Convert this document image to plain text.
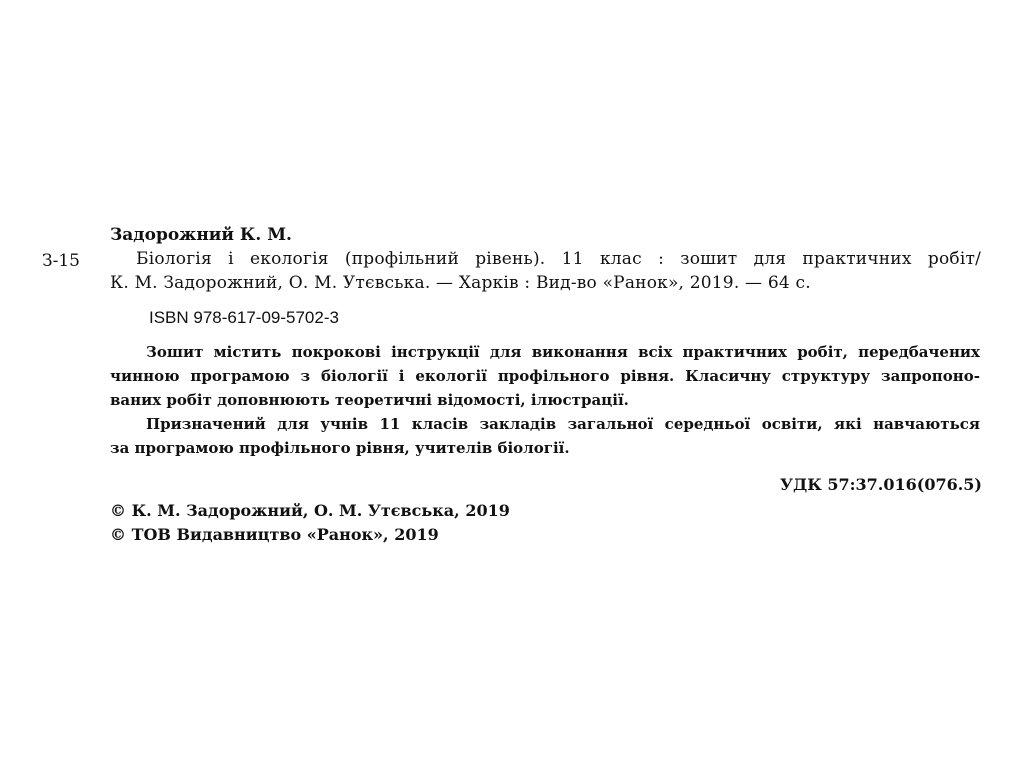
Задорожний К. М.
З-15	Біологія і екологія (профільний рівень). 11 клас : зошит для практичних робіт/
К. М. Задорожний, О. М. Утєвська. — Харків : Вид-во «Ранок», 2019. — 64 с.
ISBN 978-617-09-5702-3
Зошит містить покрокові інструкції для виконання всіх практичних робіт, передбачених
чинною програмою з біології і екології профільного рівня. Класичну структуру запропоно-
ваних робіт доповнюють теоретичні відомості, ілюстрації.
Призначений для учнів 11 класів закладів загальної середньої освіти, які навчаються
за програмою профільного рівня, учителів біології.
УДК 57:37.016(076.5)
© К. М. Задорожний, О. М. Утєвська, 2019
© ТОВ Видавництво «Ранок», 2019
